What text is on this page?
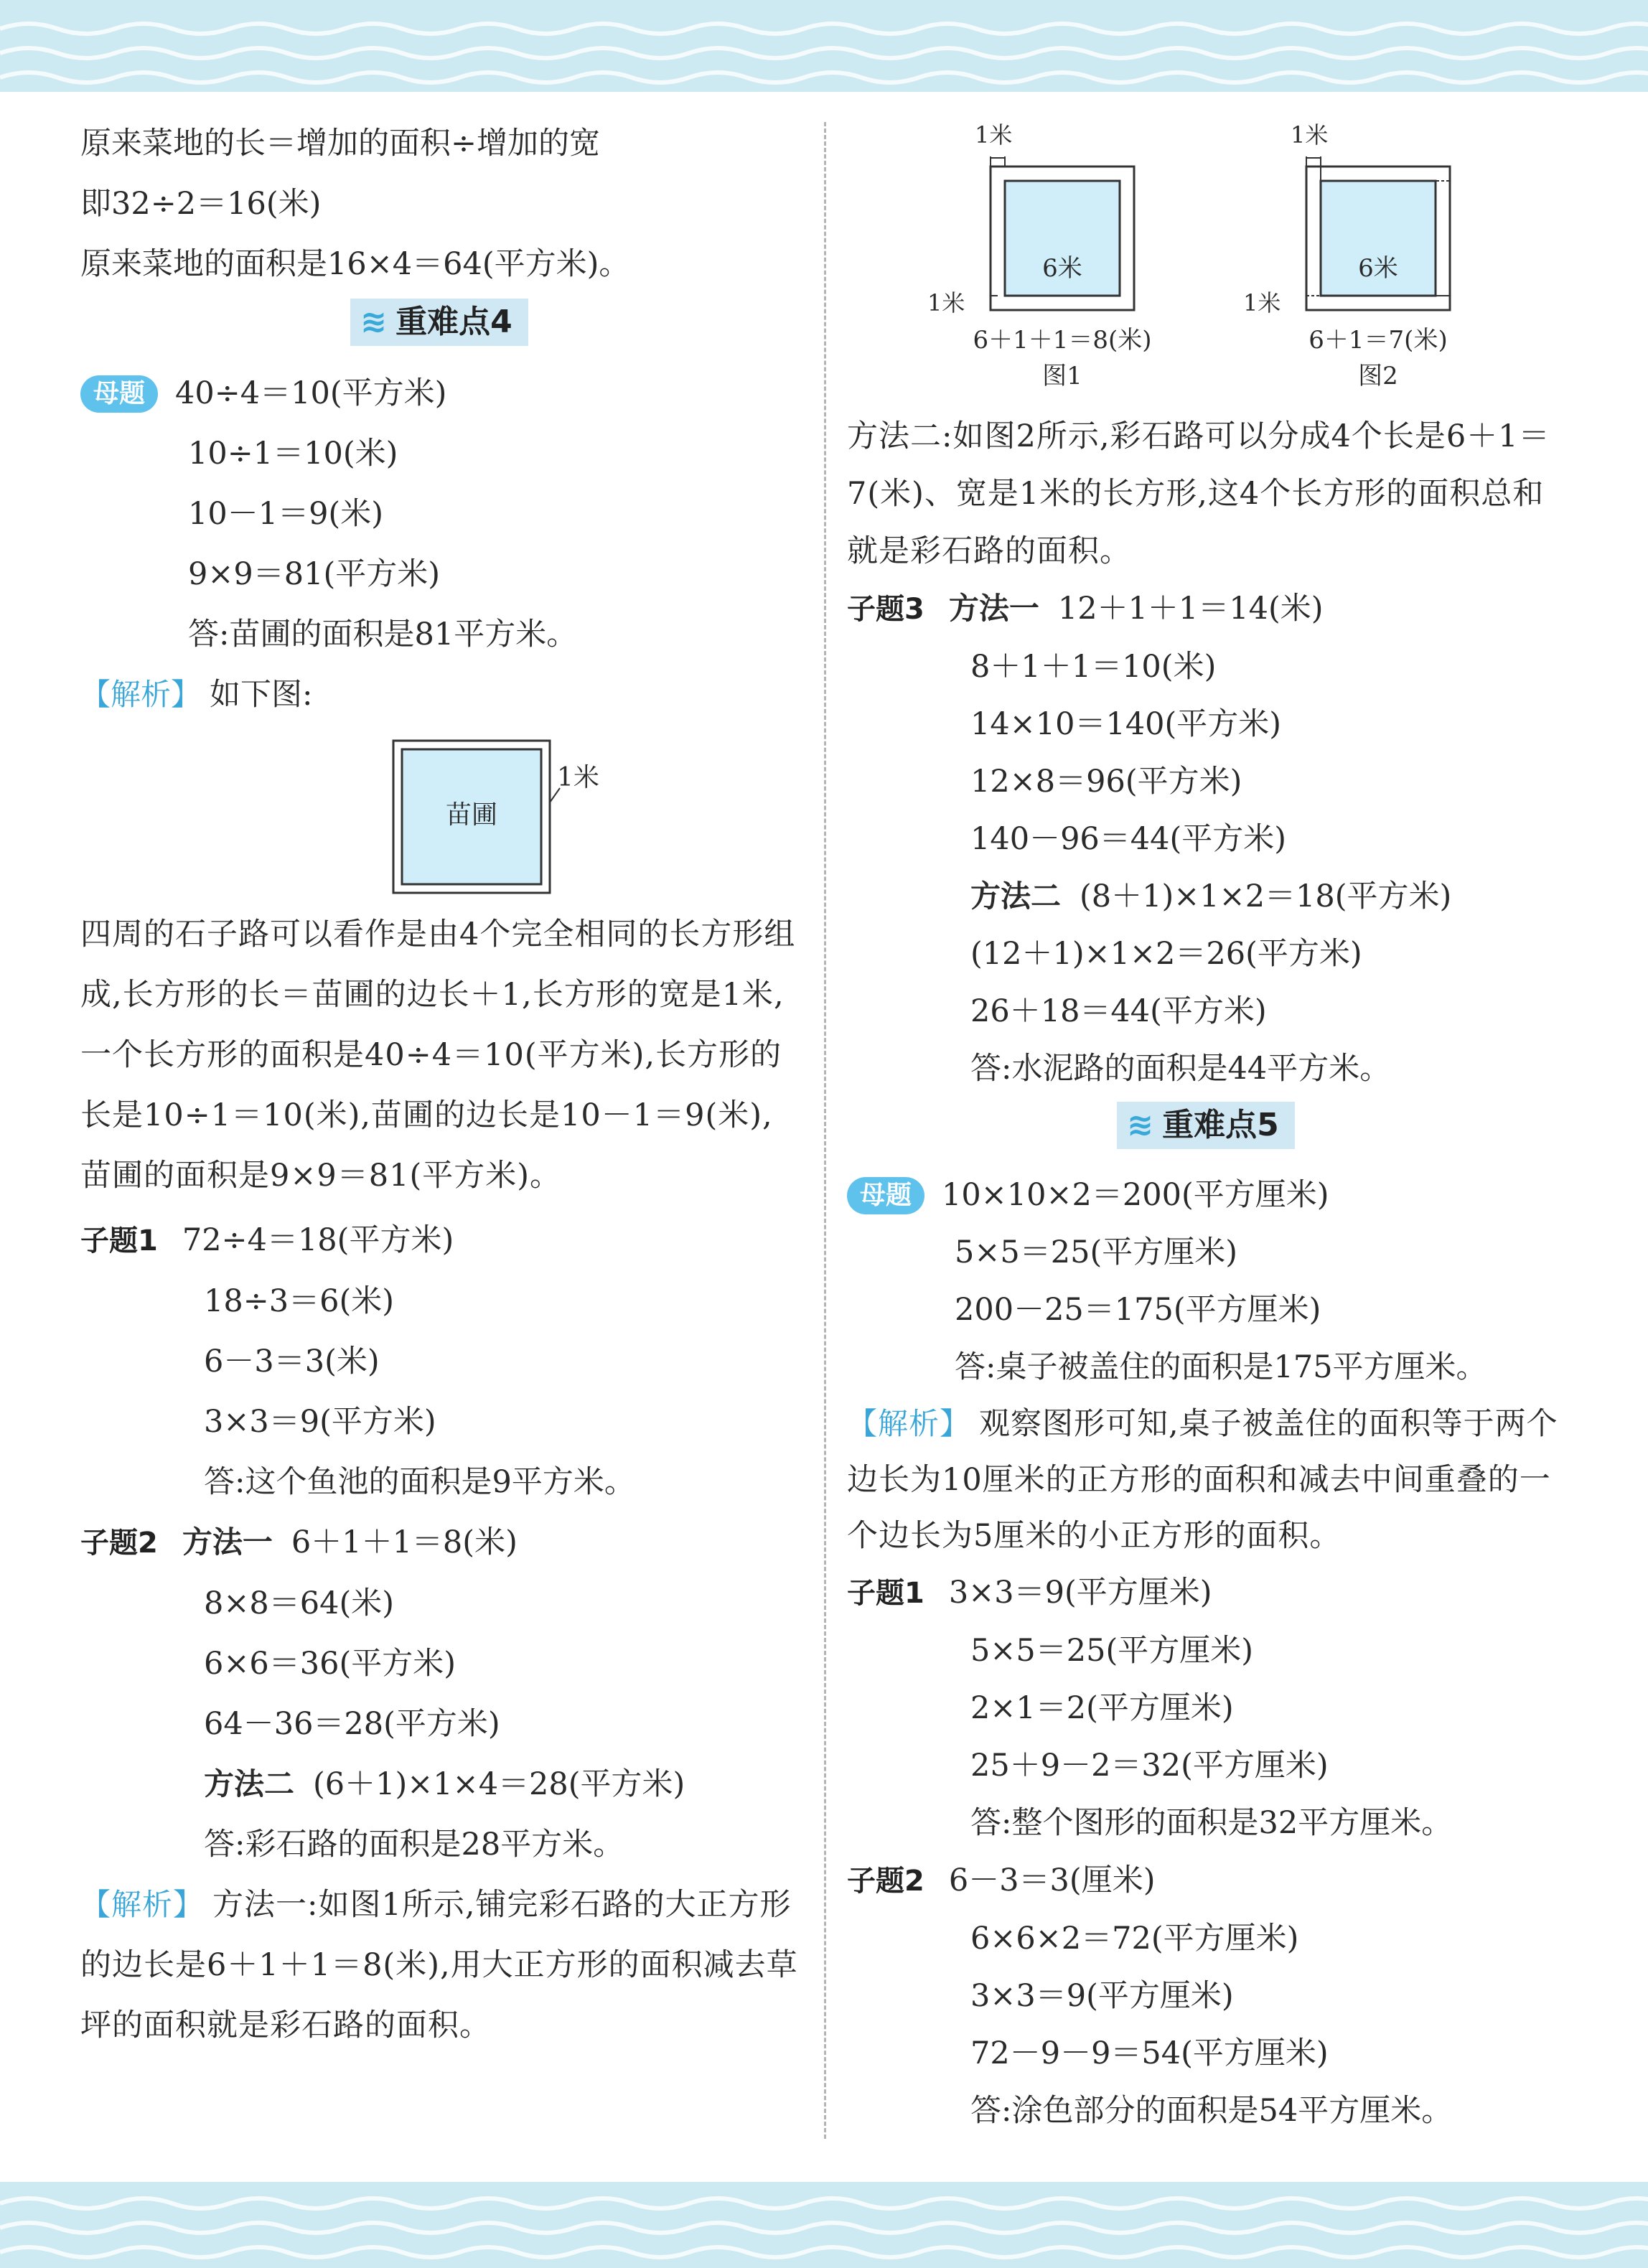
原来菜地的长＝增加的面积÷增加的宽
即32÷2＝16(米)
原来菜地的面积是16×4＝64(平方米)。
≋ 重难点4
母题 40÷4＝10(平方米)
10÷1＝10(米)
10－1＝9(米)
9×9＝81(平方米)
答:苗圃的面积是81平方米。
【解析】 如下图:
苗圃
1米
四周的石子路可以看作是由4个完全相同的长方形组成,长方形的长＝苗圃的边长＋1,长方形的宽是1米,一个长方形的面积是40÷4＝10(平方米),长方形的长是10÷1＝10(米),苗圃的边长是10－1＝9(米),苗圃的面积是9×9＝81(平方米)。
子题1 72÷4＝18(平方米)
18÷3＝6(米)
6－3＝3(米)
3×3＝9(平方米)
答:这个鱼池的面积是9平方米。
子题2 方法一 6＋1＋1＝8(米)
8×8＝64(米)
6×6＝36(平方米)
64－36＝28(平方米)
方法二 (6＋1)×1×4＝28(平方米)
答:彩石路的面积是28平方米。
【解析】 方法一:如图1所示,铺完彩石路的大正方形的边长是6＋1＋1＝8(米),用大正方形的面积减去草坪的面积就是彩石路的面积。
1米
6米
1米
6＋1＋1＝8(米)
图1
1米
6米
1米
6＋1＝7(米)
图2
方法二:如图2所示,彩石路可以分成4个长是6＋1＝7(米)、宽是1米的长方形,这4个长方形的面积总和就是彩石路的面积。
子题3 方法一 12＋1＋1＝14(米)
8＋1＋1＝10(米)
14×10＝140(平方米)
12×8＝96(平方米)
140－96＝44(平方米)
方法二 (8＋1)×1×2＝18(平方米)
(12＋1)×1×2＝26(平方米)
26＋18＝44(平方米)
答:水泥路的面积是44平方米。
≋ 重难点5
母题 10×10×2＝200(平方厘米)
5×5＝25(平方厘米)
200－25＝175(平方厘米)
答:桌子被盖住的面积是175平方厘米。
【解析】 观察图形可知,桌子被盖住的面积等于两个边长为10厘米的正方形的面积和减去中间重叠的一个边长为5厘米的小正方形的面积。
子题1 3×3＝9(平方厘米)
5×5＝25(平方厘米)
2×1＝2(平方厘米)
25＋9－2＝32(平方厘米)
答:整个图形的面积是32平方厘米。
子题2 6－3＝3(厘米)
6×6×2＝72(平方厘米)
3×3＝9(平方厘米)
72－9－9＝54(平方厘米)
答:涂色部分的面积是54平方厘米。
